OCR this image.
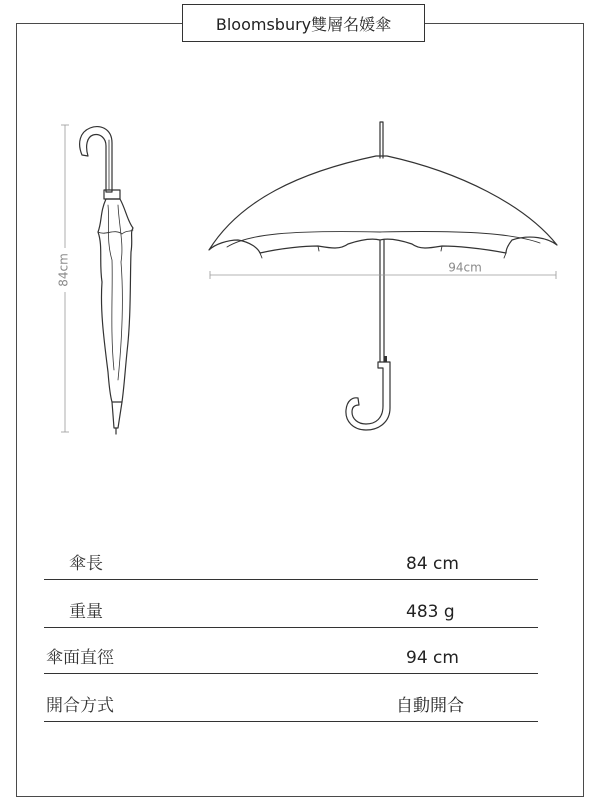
Bloomsbury雙層名媛傘
84cm	94cm
傘長	84 cm
重量	483 g
傘面直徑	94 cm
開合方式	自動開合
